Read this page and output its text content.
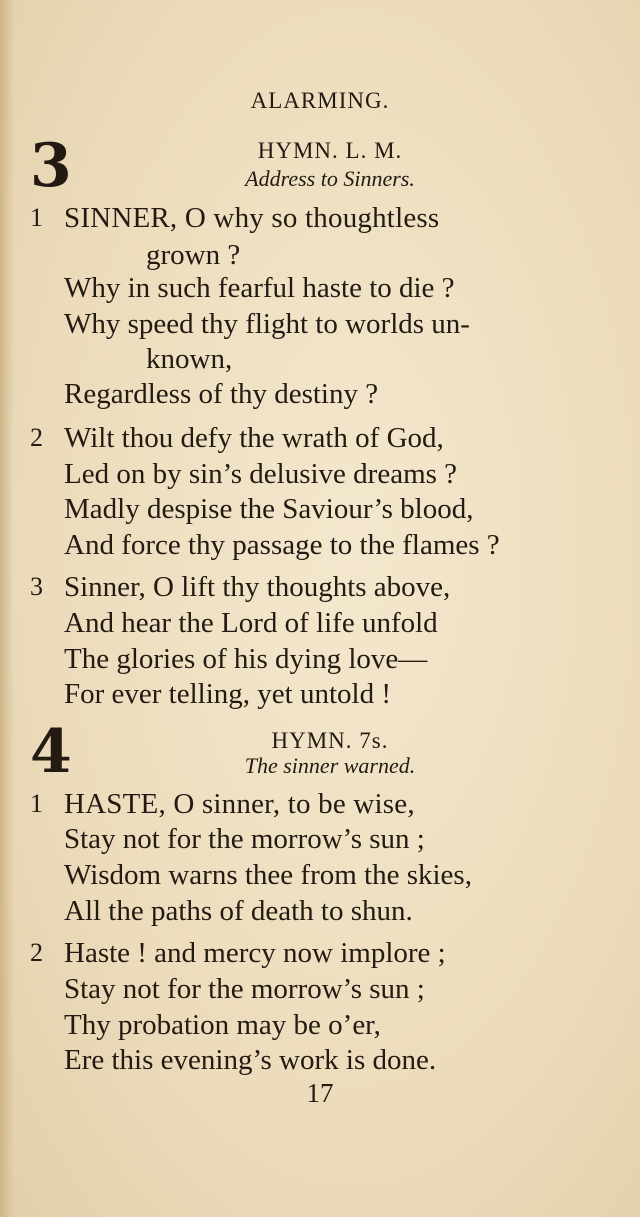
ALARMING.
3	HYMN. L. M.
Address to Sinners.
1 SINNER, O why so thoughtless
grown ?
Why in such fearful haste to die ?
Why speed thy flight to worlds un-
known,
Regardless of thy destiny ?
2 Wilt thou defy the wrath of God,
Led on by sin’s delusive dreams ?
Madly despise the Saviour’s blood,
And force thy passage to the flames ?
3 Sinner, O lift thy thoughts above,
And hear the Lord of life unfold
The glories of his dying love—
For ever telling, yet untold !
4	HYMN. 7s.
The sinner warned.
1 HASTE, O sinner, to be wise,
Stay not for the morrow’s sun ;
Wisdom warns thee from the skies,
All the paths of death to shun.
2 Haste ! and mercy now implore ;
Stay not for the morrow’s sun ;
Thy probation may be o’er,
Ere this evening’s work is done.
17
